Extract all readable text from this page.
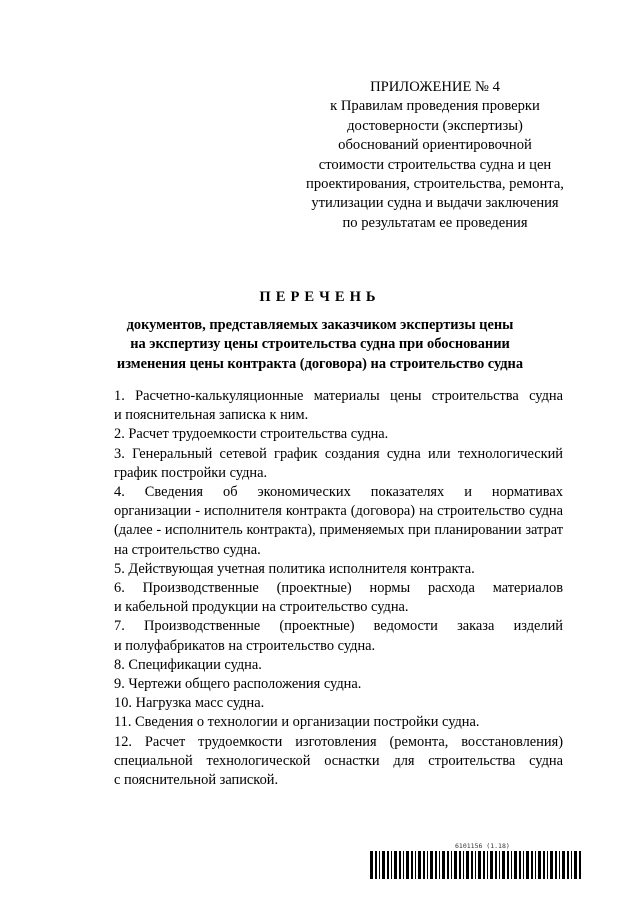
ПРИЛОЖЕНИЕ № 4
к Правилам проведения проверки
достоверности (экспертизы)
обоснований ориентировочной
стоимости строительства судна и цен
проектирования, строительства, ремонта,
утилизации судна и выдачи заключения
по результатам ее проведения
ПЕРЕЧЕНЬ
документов, представляемых заказчиком экспертизы цены
на экспертизу цены строительства судна при обосновании
изменения цены контракта (договора) на строительство судна

1. Расчетно-калькуляционные материалы цены строительства судна
и пояснительная записка к ним.

2. Расчет трудоемкости строительства судна.

3. Генеральный сетевой график создания судна или технологический
график постройки судна.

4. Сведения об экономических показателях и нормативах
организации - исполнителя контракта (договора) на строительство судна
(далее - исполнитель контракта), применяемых при планировании затрат
на строительство судна.

5. Действующая учетная политика исполнителя контракта.

6. Производственные (проектные) нормы расхода материалов
и кабельной продукции на строительство судна.

7. Производственные (проектные) ведомости заказа изделий
и полуфабрикатов на строительство судна.

8. Спецификации судна.

9. Чертежи общего расположения судна.

10. Нагрузка масс судна.

11. Сведения о технологии и организации постройки судна.

12. Расчет трудоемкости изготовления (ремонта, восстановления)
специальной технологической оснастки для строительства судна
с пояснительной запиской.

6101156 (1.18)
